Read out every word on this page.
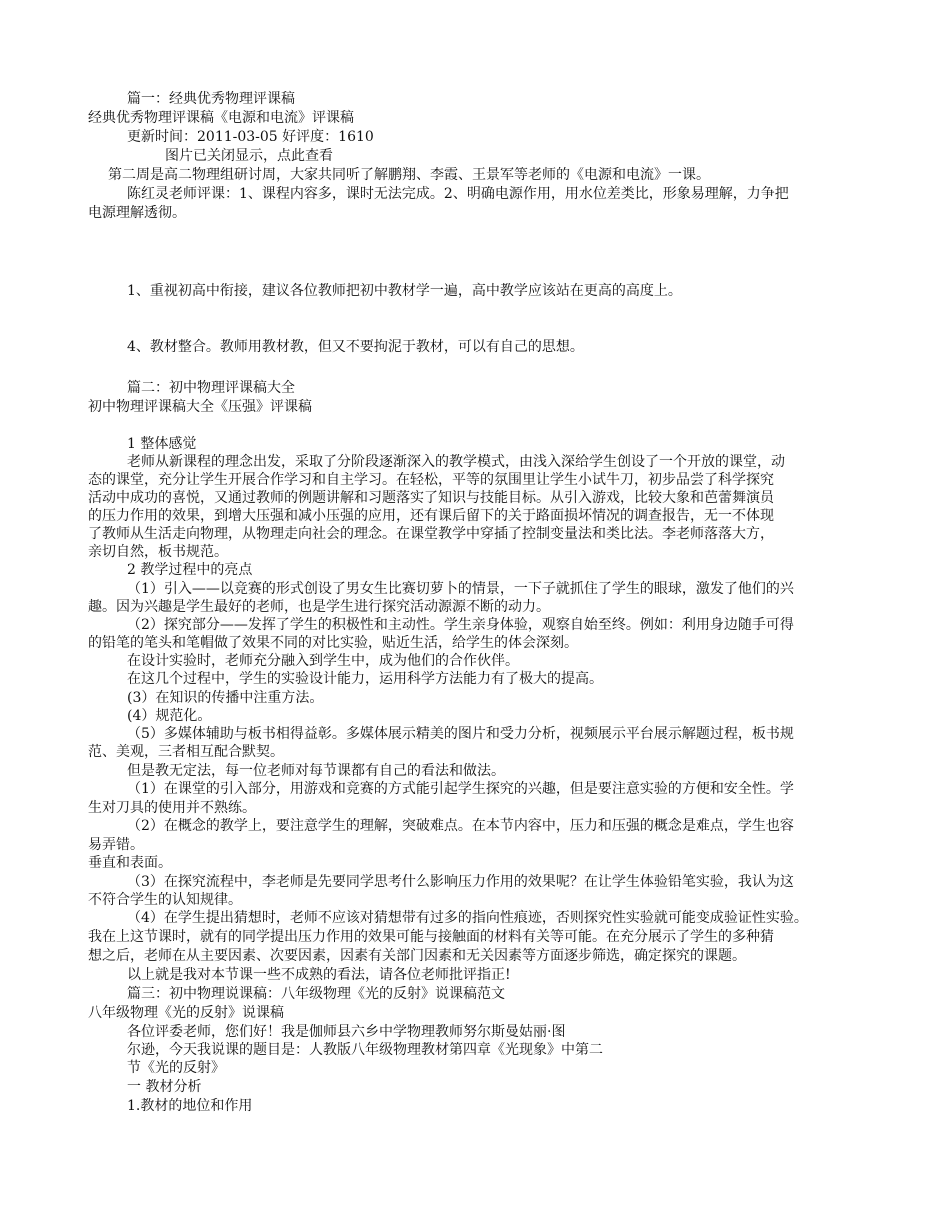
篇一：经典优秀物理评课稿
经典优秀物理评课稿《电源和电流》评课稿
更新时间：2011-03-05 好评度：1610
图片已关闭显示，点此查看
第二周是高二物理组研讨周，大家共同听了解鹏翔、李霞、王景军等老师的《电源和电流》一课。
陈红灵老师评课：1、课程内容多，课时无法完成。2、明确电源作用，用水位差类比，形象易理解，力争把
电源理解透彻。
1、重视初高中衔接，建议各位教师把初中教材学一遍，高中教学应该站在更高的高度上。
4、教材整合。教师用教材教，但又不要拘泥于教材，可以有自己的思想。
篇二：初中物理评课稿大全
初中物理评课稿大全《压强》评课稿
1 整体感觉
老师从新课程的理念出发，采取了分阶段逐渐深入的教学模式，由浅入深给学生创设了一个开放的课堂，动
态的课堂，充分让学生开展合作学习和自主学习。在轻松，平等的氛围里让学生小试牛刀，初步品尝了科学探究
活动中成功的喜悦，又通过教师的例题讲解和习题落实了知识与技能目标。从引入游戏，比较大象和芭蕾舞演员
的压力作用的效果，到增大压强和减小压强的应用，还有课后留下的关于路面损坏情况的调查报告，无一不体现
了教师从生活走向物理，从物理走向社会的理念。在课堂教学中穿插了控制变量法和类比法。李老师落落大方，
亲切自然，板书规范。
2 教学过程中的亮点
（1）引入——以竞赛的形式创设了男女生比赛切萝卜的情景，一下子就抓住了学生的眼球，激发了他们的兴
趣。因为兴趣是学生最好的老师，也是学生进行探究活动源源不断的动力。
（2）探究部分——发挥了学生的积极性和主动性。学生亲身体验，观察自始至终。例如：利用身边随手可得
的铅笔的笔头和笔帽做了效果不同的对比实验，贴近生活，给学生的体会深刻。
在设计实验时，老师充分融入到学生中，成为他们的合作伙伴。
在这几个过程中，学生的实验设计能力，运用科学方法能力有了极大的提高。
(3）在知识的传播中注重方法。
(4）规范化。
（5）多媒体辅助与板书相得益彰。多媒体展示精美的图片和受力分析，视频展示平台展示解题过程，板书规
范、美观，三者相互配合默契。
但是教无定法，每一位老师对每节课都有自己的看法和做法。
（1）在课堂的引入部分，用游戏和竞赛的方式能引起学生探究的兴趣，但是要注意实验的方便和安全性。学
生对刀具的使用并不熟练。
（2）在概念的教学上，要注意学生的理解，突破难点。在本节内容中，压力和压强的概念是难点，学生也容
易弄错。
垂直和表面。
（3）在探究流程中，李老师是先要同学思考什么影响压力作用的效果呢？在让学生体验铅笔实验，我认为这
不符合学生的认知规律。
（4）在学生提出猜想时，老师不应该对猜想带有过多的指向性痕迹，否则探究性实验就可能变成验证性实验。
我在上这节课时，就有的同学提出压力作用的效果可能与接触面的材料有关等可能。在充分展示了学生的多种猜
想之后，老师在从主要因素、次要因素，因素有关部门因素和无关因素等方面逐步筛选，确定探究的课题。
以上就是我对本节课一些不成熟的看法，请各位老师批评指正!
篇三：初中物理说课稿：八年级物理《光的反射》说课稿范文
八年级物理《光的反射》说课稿
各位评委老师，您们好！我是伽师县六乡中学物理教师努尔斯曼姑丽·图
尔逊，今天我说课的题目是：人教版八年级物理教材第四章《光现象》中第二
节《光的反射》
一 教材分析
1.教材的地位和作用
